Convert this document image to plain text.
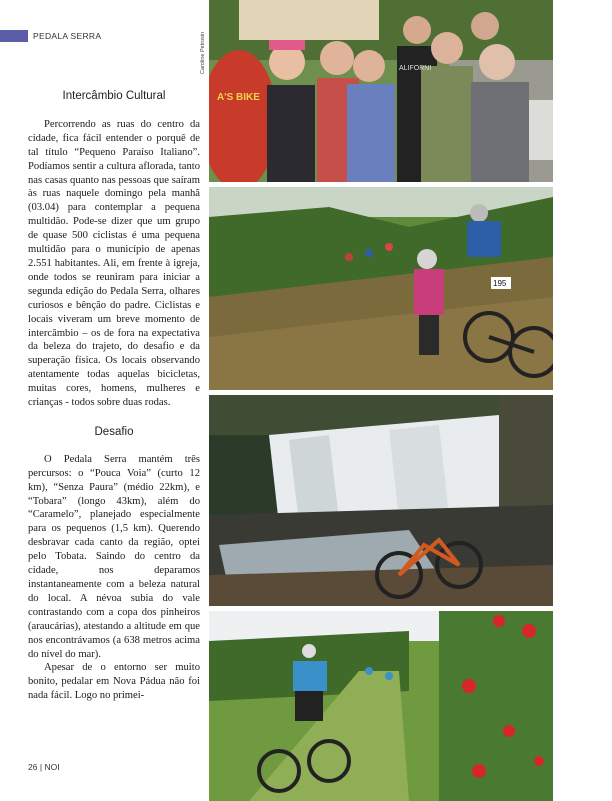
PEDALA SERRA	Caroline Petrosin
Intercâmbio Cultural

Percorrendo as ruas do centro da cidade, fica fácil entender o porquê de tal título “Pequeno Paraíso Italiano”. Podíamos sentir a cultura aflorada, tanto nas casas quanto nas pessoas que saíram às ruas naquele domingo pela manhã (03.04) para contemplar a pequena multidão. Pode-se dizer que um grupo de quase 500 ciclistas é uma pequena multidão para o município de apenas 2.551 habitantes. Ali, em frente à igreja, onde todos se reuniram para iniciar a segunda edição do Pedala Serra, olhares curiosos e bênção do padre. Ciclistas e locais viveram um breve momento de intercâmbio – os de fora na expectativa da beleza do trajeto, do desafio e da superação física. Os locais observando atentamente todas aquelas bicicletas, muitas cores, homens, mulheres e crianças - todos sobre duas rodas.

Desafio

O Pedala Serra mantém três percursos: o “Pouca Voia” (curto 12 km), “Senza Paura” (médio 22km), e “Tobara” (longo 43km), além do “Caramelo”, planejado especialmente para os pequenos (1,5 km). Querendo desbravar cada canto da região, optei pelo Tobata. Saindo do centro da cidade, nos deparamos instantaneamente com a beleza natural do local. A névoa subia do vale contrastando com a copa dos pinheiros (araucárias), atestando a altitude em que nos encontrávamos (a 638 metros acima do nível do mar).

Apesar de o entorno ser muito bonito, pedalar em Nova Pádua não foi nada fácil. Logo no primei-

A'S BIKE
ALIFORNI
195
26 | NOI
